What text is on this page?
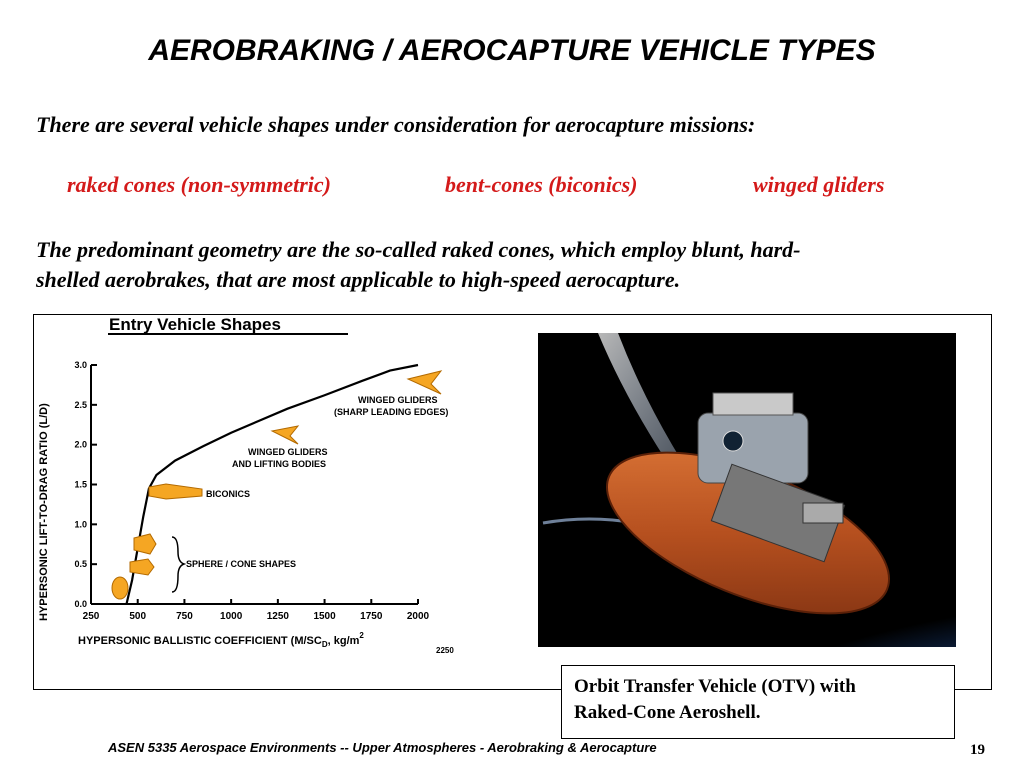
AEROBRAKING / AEROCAPTURE VEHICLE TYPES
There are several vehicle shapes under consideration for aerocapture missions:
raked cones (non-symmetric)	bent-cones (biconics)	winged gliders
The predominant geometry are the so-called raked cones, which employ blunt, hard-
shelled aerobrakes, that are most applicable to high-speed aerocapture.
Entry Vehicle Shapes
0.0
0.5
1.0
1.5
2.0
2.5
3.0
250	500	750	1000 1250 1500 1750 2000
WINGED GLIDERS
(SHARP LEADING EDGES)
WINGED GLIDERS
AND LIFTING BODIES
BICONICS
SPHERE / CONE SHAPES
HYPERSONIC LIFT-TO-DRAG RATIO (L/D)
HYPERSONIC BALLISTIC COEFFICIENT ($M/SC_D$, $kg/m^2$
2250
Orbit Transfer Vehicle (OTV) with
Raked-Cone Aeroshell.
ASEN 5335 Aerospace Environments -- Upper Atmospheres - Aerobraking & Aerocapture	19
